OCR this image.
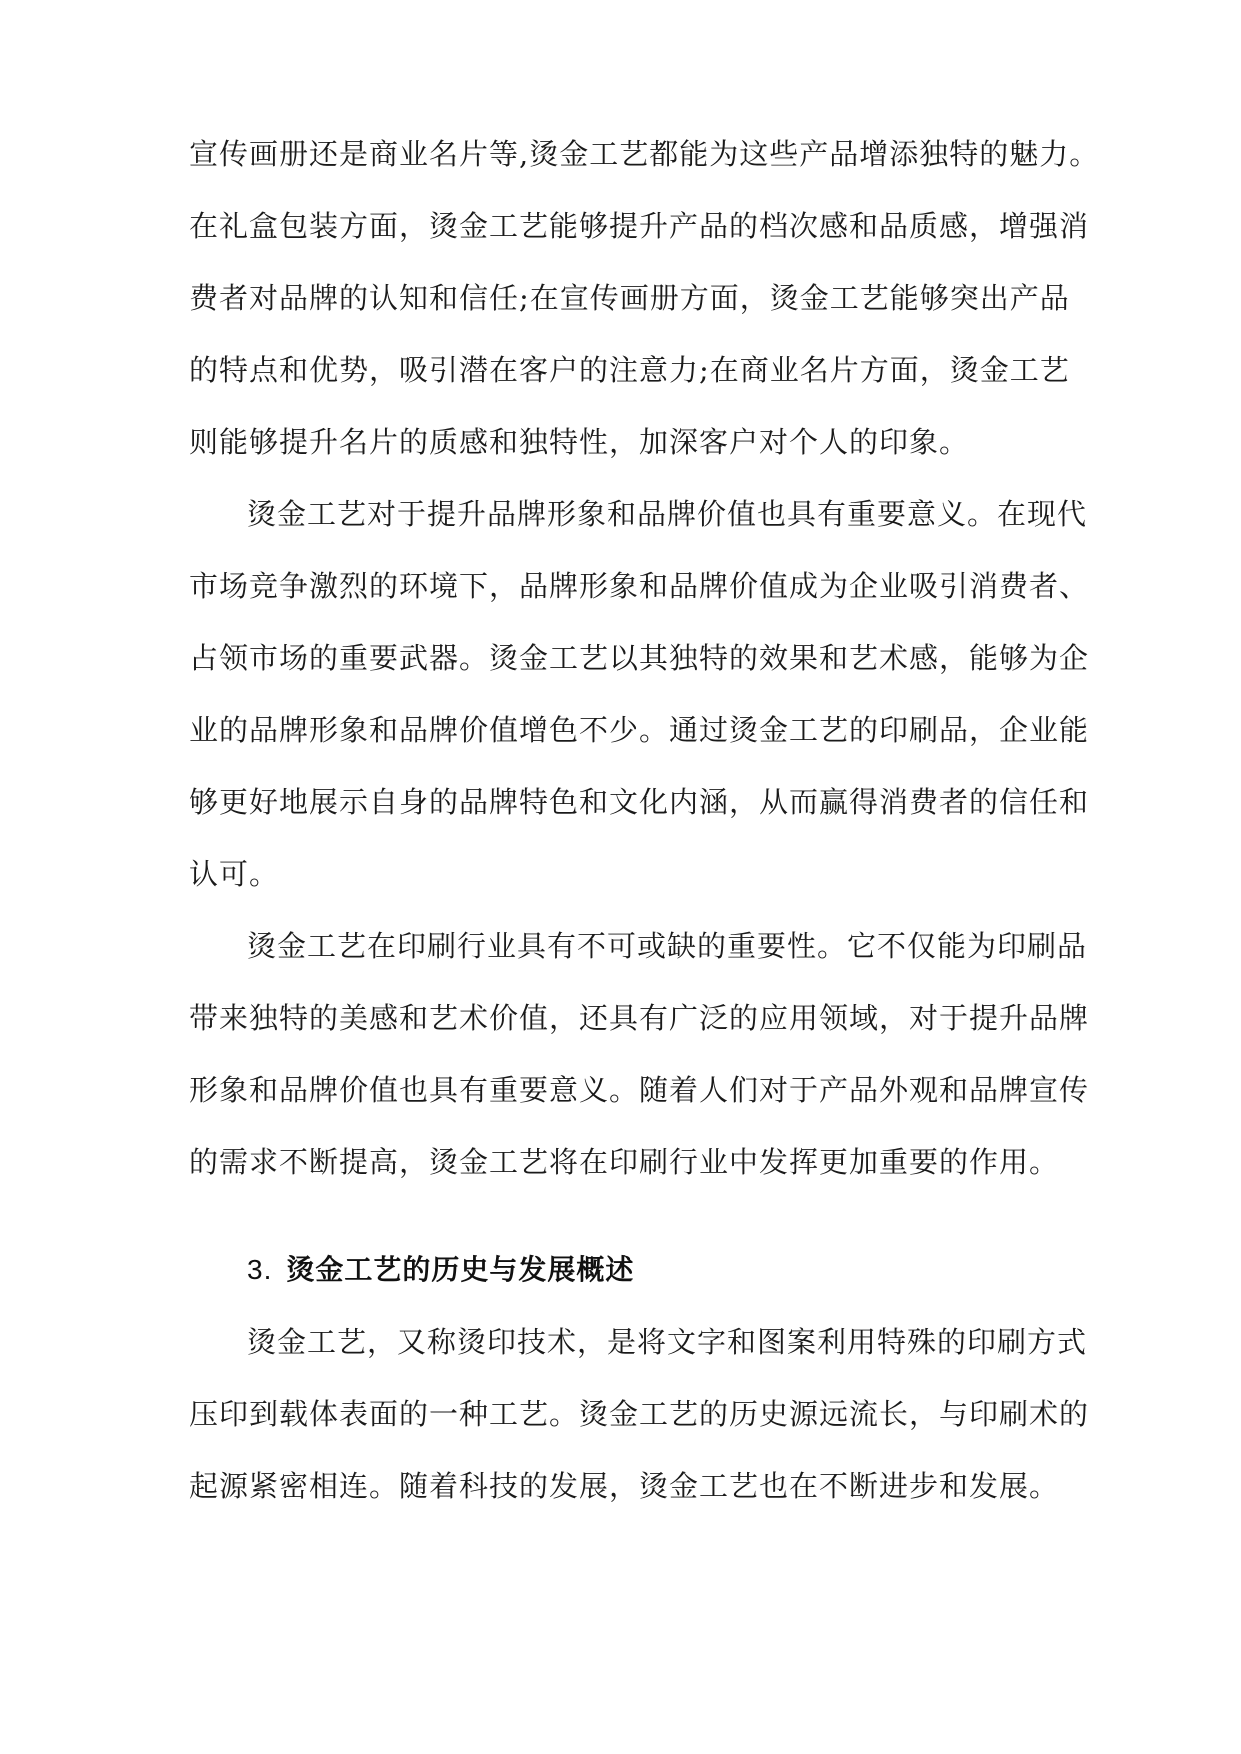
宣传画册还是商业名片等,烫金工艺都能为这些产品增添独特的魅力。
在礼盒包装方面，烫金工艺能够提升产品的档次感和品质感，增强消
费者对品牌的认知和信任;在宣传画册方面，烫金工艺能够突出产品
的特点和优势，吸引潜在客户的注意力;在商业名片方面，烫金工艺
则能够提升名片的质感和独特性，加深客户对个人的印象。
烫金工艺对于提升品牌形象和品牌价值也具有重要意义。在现代
市场竞争激烈的环境下，品牌形象和品牌价值成为企业吸引消费者、
占领市场的重要武器。烫金工艺以其独特的效果和艺术感，能够为企
业的品牌形象和品牌价值增色不少。通过烫金工艺的印刷品，企业能
够更好地展示自身的品牌特色和文化内涵，从而赢得消费者的信任和
认可。
烫金工艺在印刷行业具有不可或缺的重要性。它不仅能为印刷品
带来独特的美感和艺术价值，还具有广泛的应用领域，对于提升品牌
形象和品牌价值也具有重要意义。随着人们对于产品外观和品牌宣传
的需求不断提高，烫金工艺将在印刷行业中发挥更加重要的作用。
3. 烫金工艺的历史与发展概述
烫金工艺，又称烫印技术，是将文字和图案利用特殊的印刷方式
压印到载体表面的一种工艺。烫金工艺的历史源远流长，与印刷术的
起源紧密相连。随着科技的发展，烫金工艺也在不断进步和发展。
